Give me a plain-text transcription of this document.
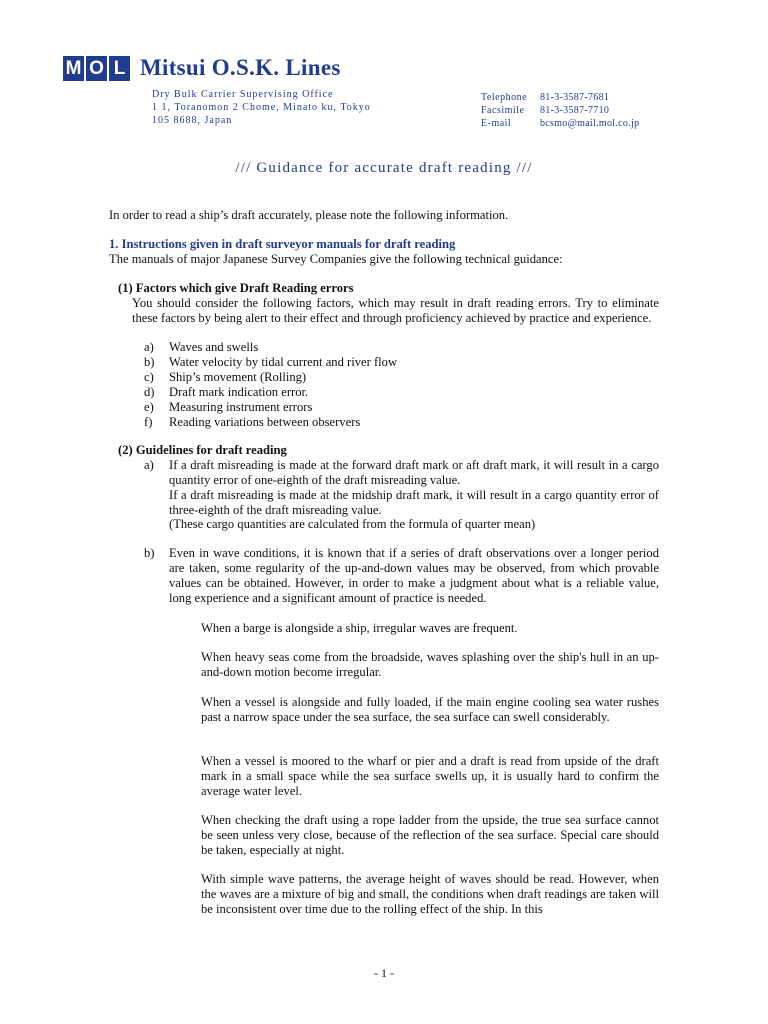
M O L Mitsui O.S.K. Lines
Dry Bulk Carrier Supervising Office
1 1, Toranomon 2 Chome, Minato ku, Tokyo
105 8688, Japan
Telephone	81-3-3587-7681
Facsimile	81-3-3587-7710
E-mail	bcsmo@mail.mol.co.jp
/// Guidance for accurate draft reading ///
In order to read a ship’s draft accurately, please note the following information.
1. Instructions given in draft surveyor manuals for draft reading
The manuals of major Japanese Survey Companies give the following technical guidance:
(1) Factors which give Draft Reading errors
You should consider the following factors, which may result in draft reading errors. Try to eliminate these factors by being alert to their effect and through proficiency achieved by practice and experience.
a)	Waves and swells
b)	Water velocity by tidal current and river flow
c)	Ship’s movement (Rolling)
d)	Draft mark indication error.
e)	Measuring instrument errors
f)	Reading variations between observers
(2) Guidelines for draft reading
a) If a draft misreading is made at the forward draft mark or aft draft mark, it will result in a cargo quantity error of one-eighth of the draft misreading value.
If a draft misreading is made at the midship draft mark, it will result in a cargo quantity error of three-eighth of the draft misreading value.
(These cargo quantities are calculated from the formula of quarter mean)
b) Even in wave conditions, it is known that if a series of draft observations over a longer period are taken, some regularity of the up-and-down values may be observed, from which provable values can be obtained. However, in order to make a judgment about what is a reliable value, long experience and a significant amount of practice is needed.
When a barge is alongside a ship, irregular waves are frequent.
When heavy seas come from the broadside, waves splashing over the ship's hull in an up-and-down motion become irregular.
When a vessel is alongside and fully loaded, if the main engine cooling sea water rushes past a narrow space under the sea surface, the sea surface can swell considerably.
When a vessel is moored to the wharf or pier and a draft is read from upside of the draft mark in a small space while the sea surface swells up, it is usually hard to confirm the average water level.
When checking the draft using a rope ladder from the upside, the true sea surface cannot be seen unless very close, because of the reflection of the sea surface. Special care should be taken, especially at night.
With simple wave patterns, the average height of waves should be read. However, when the waves are a mixture of big and small, the conditions when draft readings are taken will be inconsistent over time due to the rolling effect of the ship. In this
- 1 -
